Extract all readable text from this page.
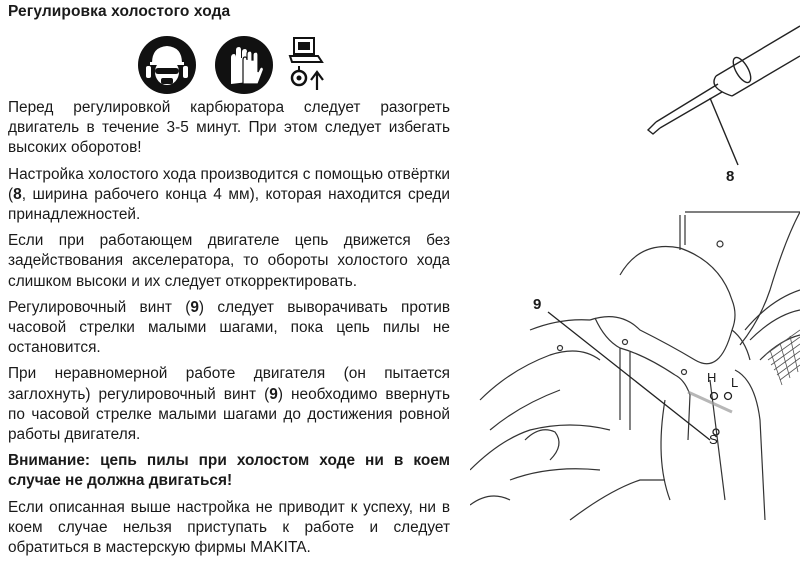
Регулировка холостого хода

Перед регулировкой карбюратора следует разогреть двигатель в течение 3-5 минут. При этом следует избегать высоких оборотов!

Настройка холостого хода производится с помощью отвёртки (8, ширина рабочего конца 4 мм), которая находится среди принадлежностей.

Если при работающем двигателе цепь движется без задействования акселератора, то обороты холостого хода слишком высоки и их следует откорректировать.

Регулировочный винт (9) следует выворачивать против часовой стрелки малыми шагами, пока цепь пилы не остановится.

При неравномерной работе двигателя (он пытается заглохнуть) регулировочный винт (9) необходимо ввернуть по часовой стрелке малыми шагами до достижения ровной работы двигателя.

Внимание: цепь пилы при холостом ходе ни в коем случае не должна двигаться!

Если описанная выше настройка не приводит к успеху, ни в коем случае нельзя приступать к работе и следует обратиться в мастерскую фирмы MAKITA.

8
9
H L
S
